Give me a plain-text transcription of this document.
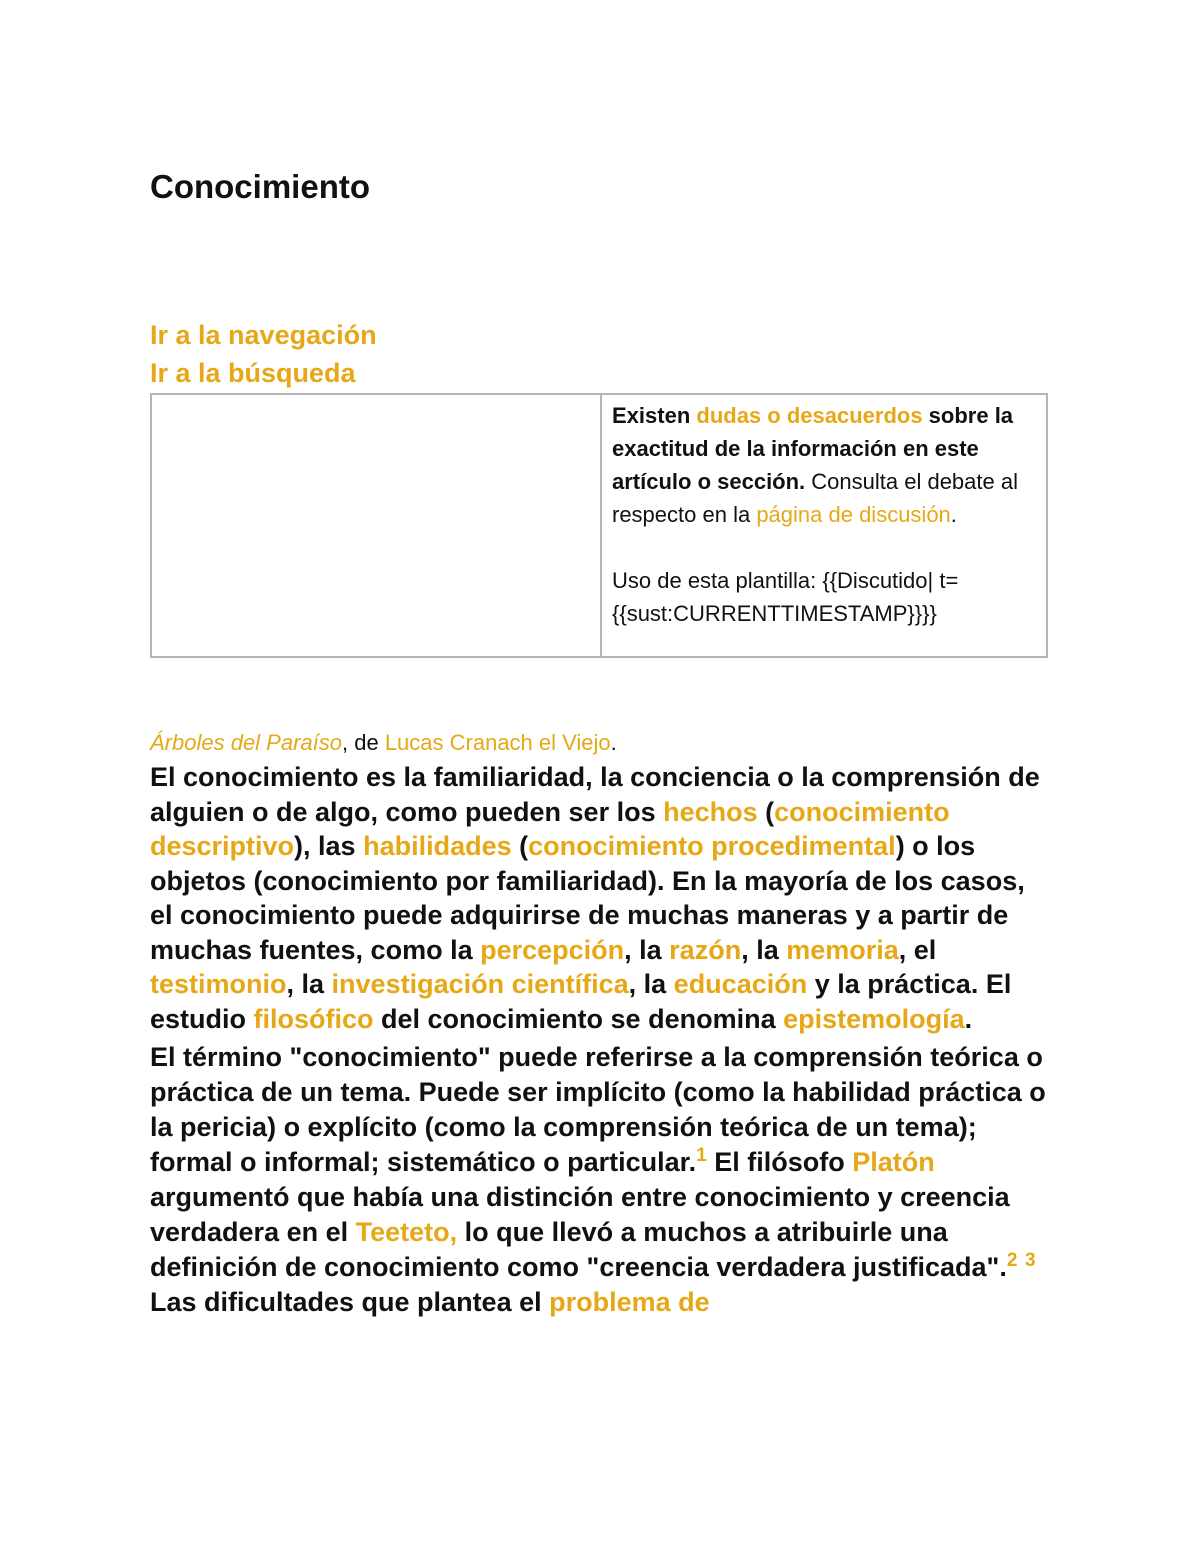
Conocimiento
Ir a la navegación
Ir a la búsqueda
Existen dudas o desacuerdos sobre la exactitud de la información en este artículo o sección. Consulta el debate al respecto en la página de discusión.
Uso de esta plantilla: {{Discutido| t={{sust:CURRENTTIMESTAMP}}}}
Árboles del Paraíso, de Lucas Cranach el Viejo.

El conocimiento es la familiaridad, la conciencia o la comprensión de alguien o de algo, como pueden ser los hechos (conocimiento descriptivo), las habilidades (conocimiento procedimental) o los objetos (conocimiento por familiaridad). En la mayoría de los casos, el conocimiento puede adquirirse de muchas maneras y a partir de muchas fuentes, como la percepción, la razón, la memoria, el testimonio, la investigación científica, la educación y la práctica. El estudio filosófico del conocimiento se denomina epistemología.

El término "conocimiento" puede referirse a la comprensión teórica o práctica de un tema. Puede ser implícito (como la habilidad práctica o la pericia) o explícito (como la comprensión teórica de un tema); formal o informal; sistemático o particular.$^1$ El filósofo Platón argumentó que había una distinción entre conocimiento y creencia verdadera en el Teeteto, lo que llevó a muchos a atribuirle una definición de conocimiento como "creencia verdadera justificada".$^2$ $^3$ Las dificultades que plantea el problema de
